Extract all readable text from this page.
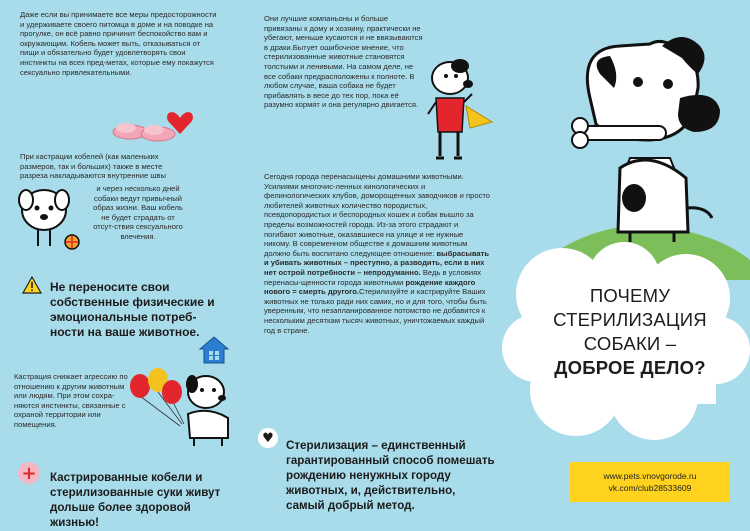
Даже если вы принимаете все меры предосторожности и удерживаете своего питомца в доме и на поводке на прогулке, он всё равно причинит беспокойство вам и окружающим. Кобель может выть, отказываться от пищи и обязательно будет удовлетворять свои инстинкты на всех пред-метах, которые ему покажутся сексуально привлекательными.

При кастрации кобелей (как маленьких размеров, так и больших) также в месте разреза накладываются внутренние швы

и через несколько дней собаки ведут привычный образ жизни. Ваш кобель не будет страдать от отсут-ствия сексуального влечения.

Не переносите свои собственные физические и эмоциональные потреб-ности на ваше животное.

Кастрация снижает агрессию по отношению к другим животным или людям. При этом сохра-няются инстинкты, связанные с охраной территории или помещения.

+ Кастрированные кобели и стерилизованные суки живут дольше более здоровой жизнью!

Они лучшие компаньоны и больше привязаны к дому и хозяину, практически не убегают, меньше кусаются и не ввязываются в драки.Бытует ошибочное мнение, что стерилизованные животные становятся толстыми и ленивыми. На самом деле, не все собаки предрасположены к полноте. В любом случае, ваша собака не будет прибавлять в весе до тех пор, пока её разумно кормят и она регулярно двигается.

Сегодня города перенасыщены домашними животными. Усилиями многочис-ленных кинологических и фелинологических клубов, доморощенных заводчиков и просто любителей животных количество породистых, псевдопородистых и беспородных кошек и собак вышло за пределы возможностей города. Из-за этого страдают и погибают животные, оказавшиеся на улице и не нужные никому. В современном обществе к домашним животным должно быть воспитано следующее отношение: выбрасывать и убивать животных – преступно, а разводить, если в них нет острой потребности – непродуманно. Ведь в условиях перенасы-щенности города животными рождение каждого нового = смерть другого.Стерилизуйте и кастрируйте Ваших животных не только ради них самих, но и для того, чтобы быть уверенным, что незапланированное потомство не добавится к нескольким десяткам тысяч животных, уничтожаемых каждый год в стране.
♥	Стерилизация – единственный гарантированный способ помешать рождению ненужных городу животных, и, действительно, самый добрый метод.

ПОЧЕМУ
СТЕРИЛИЗАЦИЯ
СОБАКИ –
ДОБРОЕ ДЕЛО?
www.pets.vnovgorode.ru
vk.com/club28533609
